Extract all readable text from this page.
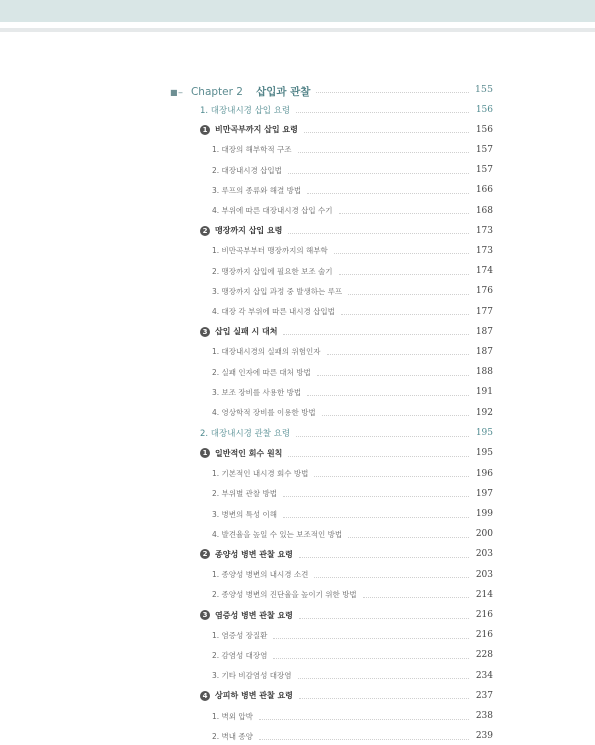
■ ‐‐ Chapter 2 삽입과 관찰	155
1. 대장내시경 삽입 요령	156
1 비만곡부까지 삽입 요령	156
1. 대장의 해부학적 구조	157
2. 대장내시경 삽입법	157
3. 루프의 종류와 해결 방법	166
4. 부위에 따른 대장내시경 삽입 수기	168
2 맹장까지 삽입 요령	173
1. 비만곡부부터 맹장까지의 해부학	173
2. 맹장까지 삽입에 필요한 보조 술기	174
3. 맹장까지 삽입 과정 중 발생하는 루프	176
4. 대장 각 부위에 따른 내시경 삽입법	177
3 삽입 실패 시 대처	187
1. 대장내시경의 실패의 위험인자	187
2. 실패 인자에 따른 대처 방법	188
3. 보조 장비를 사용한 방법	191
4. 영상학적 장비를 이용한 방법	192
2. 대장내시경 관찰 요령	195
1 일반적인 회수 원칙	195
1. 기본적인 내시경 회수 방법	196
2. 부위별 관찰 방법	197
3. 병변의 특성 이해	199
4. 발견율을 높일 수 있는 보조적인 방법	200
2 종양성 병변 관찰 요령	203
1. 종양성 병변의 내시경 소견	203
2. 종양성 병변의 진단율을 높이기 위한 방법	214
3 염증성 병변 관찰 요령	216
1. 염증성 장질환	216
2. 감염성 대장염	228
3. 기타 비감염성 대장염	234
4 상피하 병변 관찰 요령	237
1. 벽외 압박	238
2. 벽내 종양	239
